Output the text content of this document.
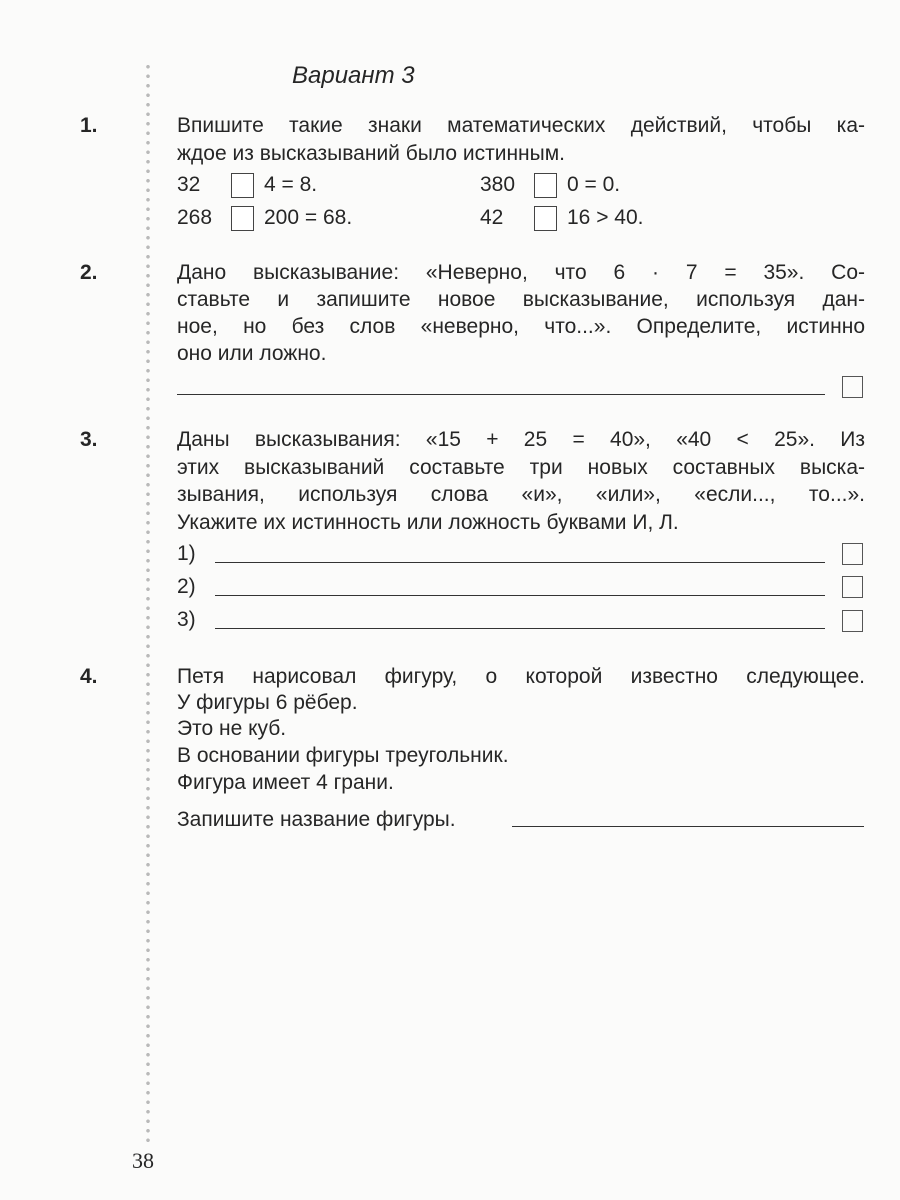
Вариант 3
1.	Впишите такие знаки математических действий, чтобы ка-
ждое из высказываний было истинным.
32	4 = 8.	380	0 = 0.
268	200 = 68.	42	16 > 40.
2.	Дано высказывание: «Неверно, что 6 · 7 = 35». Со-
ставьте и запишите новое высказывание, используя дан-
ное, но без слов «неверно, что...». Определите, истинно
оно или ложно.
3.	Даны высказывания: «15 + 25 = 40», «40 < 25». Из
этих высказываний составьте три новых составных выска-
зывания, используя слова «и», «или», «если..., то...».
Укажите их истинность или ложность буквами И, Л.
1)
2)
3)
4.	Петя нарисовал фигуру, о которой известно следующее.
У фигуры 6 рёбер.
Это не куб.
В основании фигуры треугольник.
Фигура имеет 4 грани.
Запишите название фигуры.
38
